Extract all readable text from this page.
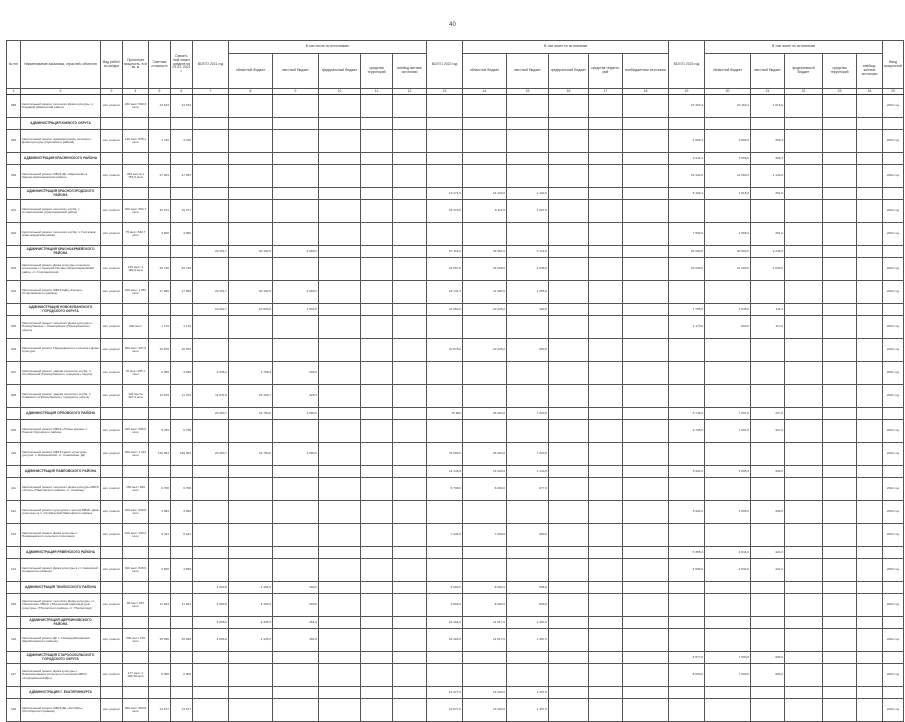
40
№ п/п	Наименование заказчика, отраслей, объектов	Вид работ/по-мощно	Проектная мощность, в м кв. м	Сметная стоимость	Освоен-ный лимит средств на 01.01. 2021 г.	ВСЕГО 2021 год	В том числе по источникам:					ВСЕГО 2022 год	В том числе по источникам					ВСЕГО 2023 год	В том числе по источникам					Ввод мощностей
							областной бюджет	местный бюджет	федеральный бюджет	средства территорий	внебюд-жетные источники		областной бюджет	местный бюджет	федеральный бюджет	средства террито-рий	внебюджетные источники		областной бюджет	местный бюджет	федеральный бюджет	средства территорий	внебюд-жетные источники	
1	2	3	4	5	6	7	8	9	10	11	12	13	14	15	16	17	18	19	20	21	22	23	24	25
388	Капитальный ремонт сельского Дома культуры, п. Садовый (Шалинский район)	кап. ремонт	230 мест 590,3 кв.м	13 153	13 153													10 163,4	10 163,4	1 016,0				2022 год
	АДМИНИСТРАЦИЯ ЮЖНОГО ОКРУГА																							
390	Капитальный ремонт Администрации сельского Дома культуры (Орловского района)	кап. ремонт	120 мест 536,1 кв.м	4 700	4 700													4 006,4	3 594,0	366,4				2023 год
	АДМИНИСТРАЦИЯ КРАСНЕНСКОГО РАЙОНА																	3 942,3	3 555,0	366,3				
399	Капитальный ремонт МБУК ДК «Заречный» в Красно-Краснодарском районе	кап. ремонт	262 места 1 753,9 кв.м	47 453	47 453													19 444,0	21 060,3	2 140,0				2022 год
	АДМИНИСТРАЦИЯ КРАСНОГОРОДСКОГО РАЙОНА											13 271,0	14 343,0	1 102,0				5 406,4	3 915,8	391,8				
401	Капитальный ремонт сельского клуба, с. Ахтанизовская (Краснодарский район)	кап. ремонт	300 мест 693,7 кв.м	15 371	15 371							15 372,0	8 114,0	1 097,0										2022 год
402	Капитальный ремонт сельского клуба, п. Гостагаев (Краснодарский район)	кап. ремонт	75 мест 530,7 кв.м	3 900	3 900													7 960,0	1 066,0	391,0				2022 год
	АДМИНИСТРАЦИЯ КРАСНОАРМЕЙСКОГО РАЙОНА					22 251,7	20 164,5	2 083,2				57 119,0	29 561,0	3 722,0				22 000,0	20 000,0	2 246,0				
403	Капитальный ремонт Дома культуры сельского поселения ст. Красной Поляны (Красноармейский район, ст. Староминская)	кап. ремонт	120 мест 1 182,9 кв.м	49 730	49 730							22 557,0	21 006,0	2 035,0				23 030,0	21 000,0	2 033,0				2022 год
404	Капитальный ремонт МБУК КДЦ «Гнездо» (Староминского района)	кап. ремонт	100 мест 1 087 кв.м	17 950	17 950	22 251,7	20 164,5	2 083,2				15 141,3	11 000,0	1 255,0										2022 год
	АДМИНИСТРАЦИЯ НОВОКУБАНСКОГО ГОРОДСКОГО ОКРУГА					10 092,7	10 000,0	1 064,5				10 052,0	10 225,2	400,0				1 755,0	1 645,0	111,0				
405	Капитальный ремонт сельского Дома культуры с. Новокубанское г. Новокубанск (Новокубанского округа)	кап. ремонт	200 мест	1 170	1 170													1 170,0	800,0	117,0				2022 год
406	Капитальный ремонт Надеждинского сельского Дома культуры	кап. ремонт	250 мест 407,6 кв.м	10 876	10 876							10 876,0	10 225,2	650,0										2022 год
407	Капитальный ремонт здания сельского клуба, п. Октябрьский (Новокубанского городского округа)	кап. ремонт	70 мест 265,7 кв.м	2 365	4 645	2 045,2	1 756,0	204,0																2021 год
408	Капитальный ремонт здания сельского клуба, с. Отважного (Новокубанского городского округа)	кап. ремонт	144 места 327,3 кв.м	11 079	11 079	11 079,0	10 150,7	928,3																2021 год
	АДМИНИСТРАЦИЯ ОРЛОВСКОГО РАЙОНА					23 003,7	21 750,0	2 080,0				76 000	63 000,0	7 020,0				6 748,9	7 001,0	427,0				
409	Капитальный ремонт МБУК «Новое время» с. Рожков Орловского района	кап. ремонт	320 мест 586,5 кв.м	6 756	6 756													6 795,0	7 001,0	427,0				2023 год
410	Капитальный ремонт МБУК Центр культурно-досугов. п. Бирюковский, ст. Соминская, ДК	кап. ремонт	400 мест 1 321 кв.м	129 363	129 363	23 003,7	21 750,0	2 080,0				76 000,0	63 000,0	7 020,0										2022 год
	АДМИНИСТРАЦИЯ ПАВЛОВСКОГО РАЙОНА											14 143,0	13 000,0	1 143,0				3 994,0	3 595,0	399,0				
411	Капитальный ремонт сельского Дома культуры МБУК «Успех» (Павловского района, ст. Атамань)	кап. ремонт	150 мест 600 кв.м	6 708	6 708							6 708,0	6 000,0	677,0										2022 год
412	Капитальный ремонт культурного центра МБУК «Дом культуры» в п. Октябрьский Павловского района	кап. ремонт	200 мест 530,8 кв.м	3 994	3 994													3 994,0	3 595,0	399,0				2023 год
413	Капитальный ремонт Дома культуры с. Незамаевского сельского поселения	кап. ремонт	100 мест 150,2 кв.м	6 441	6 441							7 441,0	7 000,0	660,0										2022 год
	АДМИНИСТРАЦИЯ РЕВЕНСКОГО РАЙОНА																	5 355,4	4 844,0	421,0				
414	Капитальный ремонт Дома культуры в ст. Северской (Северского района)	кап. ремонт	300 мест 845,5 кв.м	4 596	4 596													4 596,0	4 844,0	421,0				2023 год
	АДМИНИСТРАЦИЯ ТБИЛИССКОГО РАЙОНА					4 660,0	4 166,0	460,0				9 962,0	8 094,0	806,0										
415	Капитальный ремонт сельского Дома культуры, ст. Тбилисская, МБУК «Тбилисский районный дом культуры» (Тбилисского района, ст. Тбилисская)	кап. ремонт	80 мест 257 кв.м	11 924	11 924	4 660,0	4 166,0	460,0				9 962,0	8 094,0	806,0										2022 год
	АДМИНИСТРАЦИЯ ЩЕРБИНОВСКОГО РАЙОНА					4 806,0	4 325,0	481,0				16 304,0	14 817,0	1 487,0										
416	Капитальный ремонт ДК с. Новощербиновская (Щербиновского района)	кап. ремонт	300 мест 370 кв.м	15 590	15 590	4 806,0	4 325,0	481,0				16 304,0	14 817,0	1 487,0										2022 год
	АДМИНИСТРАЦИЯ СТАРООСКОЛЬСКОГО ГОРОДСКОГО ОКРУГА																	8 977,0	7 600,0	996,0				
417	Капитальный ремонт Дома культуры с. Новониколаевка (сельского поселения МБУК «Староминский ДК»)	кап. ремонт	177 мест 1 180,35 кв.м	8 000	8 000													8 000,0	7 600,0	996,0				2023 год
	АДМИНИСТРАЦИЯ Г. ЕКАТЕРИНБУРГА											14 677,0	13 420,0	1 457,0										
418	Капитальный ремонт МБУК ДК «Октябрь» (Октябрьского района)	кап. ремонт	280 мест 660,8 кв.м	14 677	14 677							14 677,0	13 420,0	1 457,0										2022 год
